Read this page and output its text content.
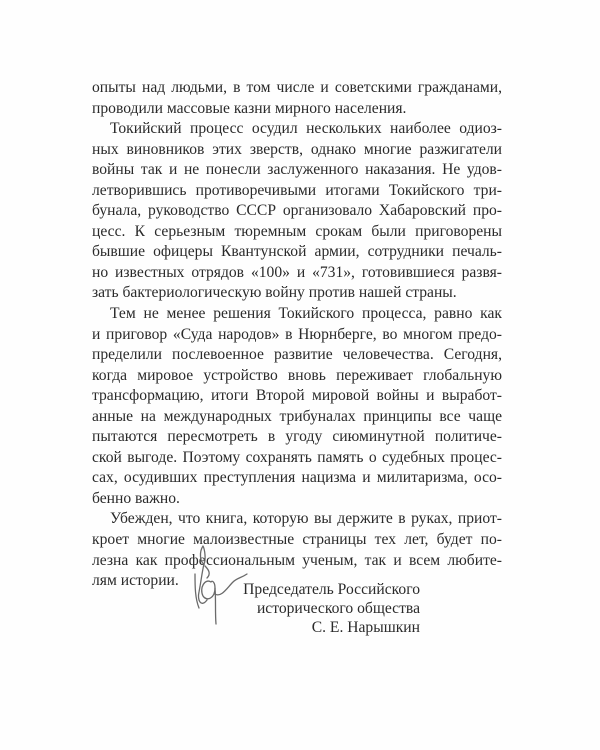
опыты над людьми, в том числе и советскими гражданами,
проводили массовые казни мирного населения.
Токийский процесс осудил нескольких наиболее одиоз-
ных виновников этих зверств, однако многие разжигатели
войны так и не понесли заслуженного наказания. Не удов-
летворившись противоречивыми итогами Токийского три-
бунала, руководство СССР организовало Хабаровский про-
цесс. К серьезным тюремным срокам были приговорены
бывшие офицеры Квантунской армии, сотрудники печаль-
но известных отрядов «100» и «731», готовившиеся развя-
зать бактериологическую войну против нашей страны.
Тем не менее решения Токийского процесса, равно как
и приговор «Суда народов» в Нюрнберге, во многом предо-
пределили послевоенное развитие человечества. Сегодня,
когда мировое устройство вновь переживает глобальную
трансформацию, итоги Второй мировой войны и выработ-
анные на международных трибуналах принципы все чаще
пытаются пересмотреть в угоду сиюминутной политиче-
ской выгоде. Поэтому сохранять память о судебных процес-
сах, осудивших преступления нацизма и милитаризма, осо-
бенно важно.
Убежден, что книга, которую вы держите в руках, приот-
кроет многие малоизвестные страницы тех лет, будет по-
лезна как профессиональным ученым, так и всем любите-
лям истории.
Председатель Российского
исторического общества
С. Е. Нарышкин
